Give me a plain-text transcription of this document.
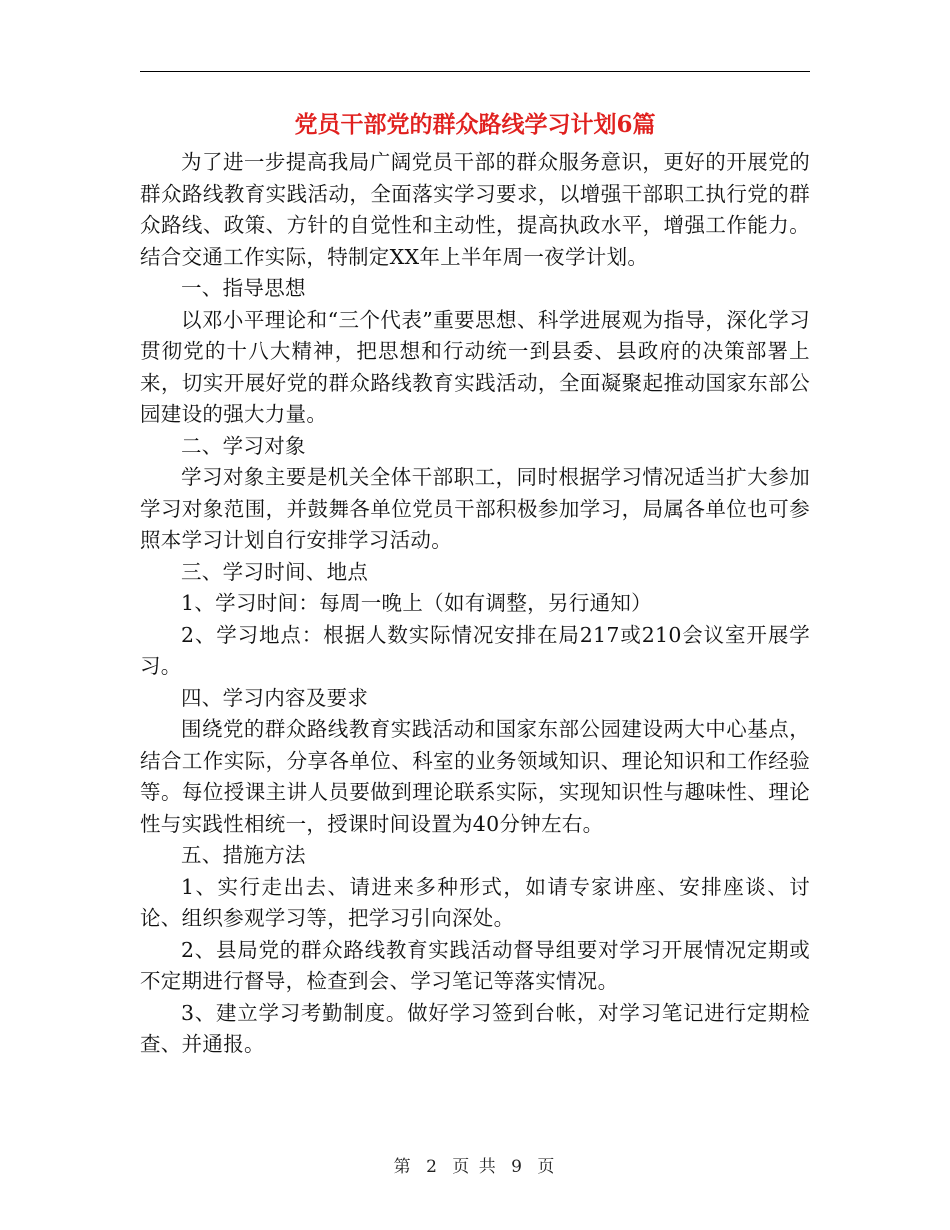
党员干部党的群众路线学习计划6篇

为了进一步提高我局广阔党员干部的群众服务意识，更好的开展党的群众路线教育实践活动，全面落实学习要求，以增强干部职工执行党的群众路线、政策、方针的自觉性和主动性，提高执政水平，增强工作能力。结合交通工作实际，特制定XX年上半年周一夜学计划。

一、指导思想

以邓小平理论和“三个代表”重要思想、科学进展观为指导，深化学习贯彻党的十八大精神，把思想和行动统一到县委、县政府的决策部署上来，切实开展好党的群众路线教育实践活动，全面凝聚起推动国家东部公园建设的强大力量。

二、学习对象

学习对象主要是机关全体干部职工，同时根据学习情况适当扩大参加学习对象范围，并鼓舞各单位党员干部积极参加学习，局属各单位也可参照本学习计划自行安排学习活动。

三、学习时间、地点

1、学习时间：每周一晚上（如有调整，另行通知）

2、学习地点：根据人数实际情况安排在局217或210会议室开展学习。

四、学习内容及要求

围绕党的群众路线教育实践活动和国家东部公园建设两大中心基点，结合工作实际，分享各单位、科室的业务领域知识、理论知识和工作经验等。每位授课主讲人员要做到理论联系实际，实现知识性与趣味性、理论性与实践性相统一，授课时间设置为40分钟左右。

五、措施方法

1、实行走出去、请进来多种形式，如请专家讲座、安排座谈、讨论、组织参观学习等，把学习引向深处。

2、县局党的群众路线教育实践活动督导组要对学习开展情况定期或不定期进行督导，检查到会、学习笔记等落实情况。

3、建立学习考勤制度。做好学习签到台帐，对学习笔记进行定期检查、并通报。

第 2 页 共 9 页
